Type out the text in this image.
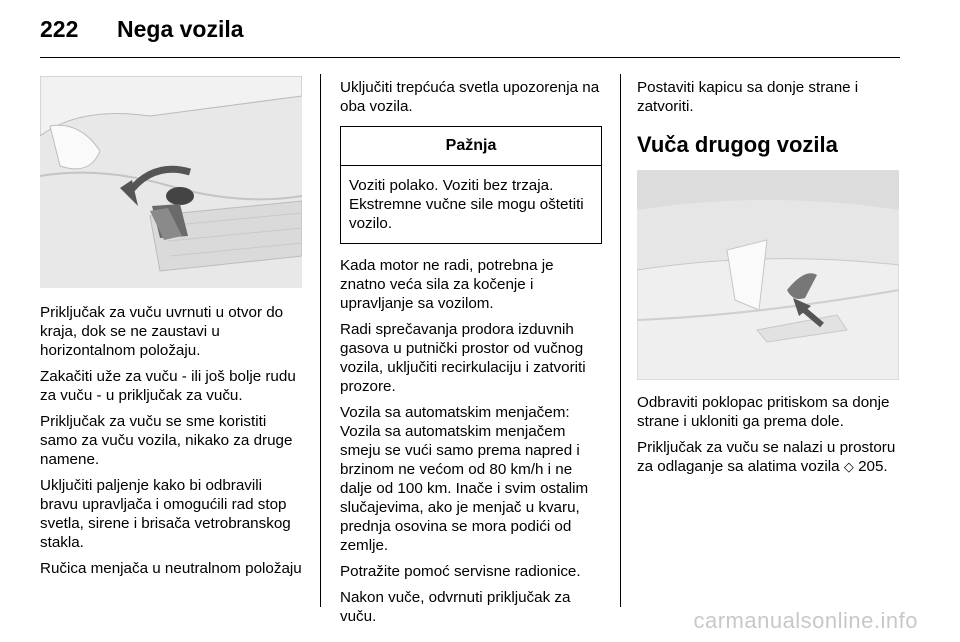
222 Nega vozila

Priključak za vuču uvrnuti u otvor do kraja, dok se ne zaustavi u horizontalnom položaju.

Zakačiti uže za vuču - ili još bolje rudu za vuču - u priključak za vuču.

Priključak za vuču se sme koristiti samo za vuču vozila, nikako za druge namene.

Uključiti paljenje kako bi odbravili bravu upravljača i omogućili rad stop svetla, sirene i brisača vetrobranskog stakla.

Ručica menjača u neutralnom položaju

Uključiti trepćuća svetla upozorenja na oba vozila.

Pažnja
Voziti polako. Voziti bez trzaja. Ekstremne vučne sile mogu oštetiti vozilo.

Kada motor ne radi, potrebna je znatno veća sila za kočenje i upravljanje sa vozilom.

Radi sprečavanja prodora izduvnih gasova u putnički prostor od vučnog vozila, uključiti recirkulaciju i zatvoriti prozore.

Vozila sa automatskim menjačem: Vozila sa automatskim menjačem smeju se vući samo prema napred i brzinom ne većom od 80 km/h i ne dalje od 100 km. Inače i svim ostalim slučajevima, ako je menjač u kvaru, prednja osovina se mora podići od zemlje.

Potražite pomoć servisne radionice.

Nakon vuče, odvrnuti priključak za vuču.

Postaviti kapicu sa donje strane i zatvoriti.

Vuča drugog vozila

Odbraviti poklopac pritiskom sa donje strane i ukloniti ga prema dole.

Priključak za vuču se nalazi u prostoru za odlaganje sa alatima vozila ◇ 205.

carmanualsonline.info
